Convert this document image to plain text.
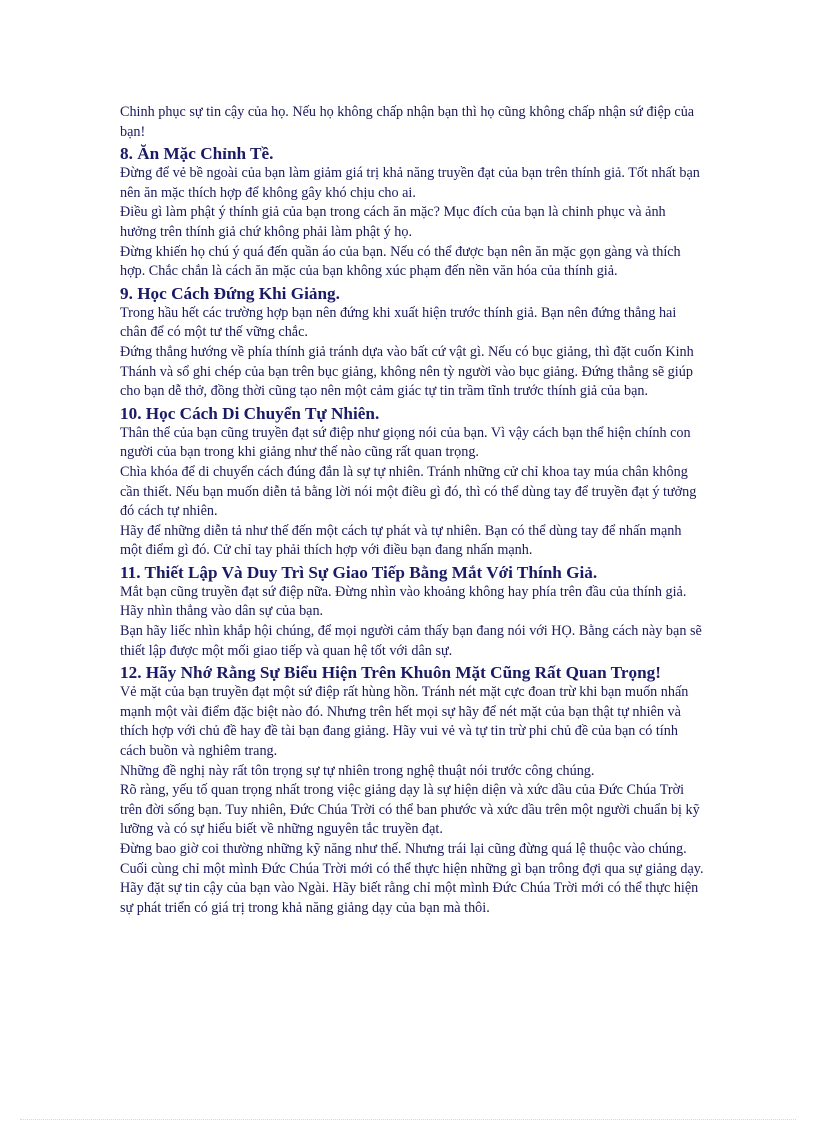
Chinh phục sự tin cậy của họ. Nếu họ không chấp nhận bạn thì họ cũng không chấp nhận sứ điệp của bạn!

8. Ăn Mặc Chỉnh Tề.

Đừng để vẻ bề ngoài của bạn làm giảm giá trị khả năng truyền đạt của bạn trên thính giả. Tốt nhất bạn nên ăn mặc thích hợp để không gây khó chịu cho ai.

Điều gì làm phật ý thính giả của bạn trong cách ăn mặc? Mục đích của bạn là chinh phục và ảnh hưởng trên thính giả chứ không phải làm phật ý họ.

Đừng khiến họ chú ý quá đến quần áo của bạn. Nếu có thể được bạn nên ăn mặc gọn gàng và thích hợp. Chắc chắn là cách ăn mặc của bạn không xúc phạm đến nền văn hóa của thính giả.

9. Học Cách Đứng Khi Giảng.

Trong hầu hết các trường hợp bạn nên đứng khi xuất hiện trước thính giả. Bạn nên đứng thẳng hai chân để có một tư thế vững chắc.

Đứng thẳng hướng về phía thính giả tránh dựa vào bất cứ vật gì. Nếu có bục giảng, thì đặt cuốn Kinh Thánh và sổ ghi chép của bạn trên bục giảng, không nên tỳ người vào bục giảng. Đứng thẳng sẽ giúp cho bạn dễ thở, đồng thời cũng tạo nên một cảm giác tự tin trầm tĩnh trước thính giả của bạn.

10. Học Cách Di Chuyển Tự Nhiên.

Thân thể của bạn cũng truyền đạt sứ điệp như giọng nói của bạn. Vì vậy cách bạn thể hiện chính con người của bạn trong khi giảng như thế nào cũng rất quan trọng.

Chìa khóa để di chuyển cách đúng đắn là sự tự nhiên. Tránh những cử chỉ khoa tay múa chân không cần thiết. Nếu bạn muốn diễn tả bằng lời nói một điều gì đó, thì có thể dùng tay để truyền đạt ý tưởng đó cách tự nhiên.

Hãy để những diễn tả như thế đến một cách tự phát và tự nhiên. Bạn có thể dùng tay để nhấn mạnh một điểm gì đó. Cử chỉ tay phải thích hợp với điều bạn đang nhấn mạnh.

11. Thiết Lập Và Duy Trì Sự Giao Tiếp Bằng Mắt Với Thính Giả.

Mắt bạn cũng truyền đạt sứ điệp nữa. Đừng nhìn vào khoảng không hay phía trên đầu của thính giả. Hãy nhìn thẳng vào dân sự của bạn.

Bạn hãy liếc nhìn khắp hội chúng, để mọi người cảm thấy bạn đang nói với HỌ. Bằng cách này bạn sẽ thiết lập được một mối giao tiếp và quan hệ tốt với dân sự.

12. Hãy Nhớ Rằng Sự Biểu Hiện Trên Khuôn Mặt Cũng Rất Quan Trọng!

Vẻ mặt của bạn truyền đạt một sứ điệp rất hùng hồn. Tránh nét mặt cực đoan trừ khi bạn muốn nhấn mạnh một vài điểm đặc biệt nào đó. Nhưng trên hết mọi sự hãy để nét mặt của bạn thật tự nhiên và thích hợp với chủ đề hay đề tài bạn đang giảng. Hãy vui vẻ và tự tin trừ phi chủ đề của bạn có tính cách buồn và nghiêm trang.

Những đề nghị này rất tôn trọng sự tự nhiên trong nghệ thuật nói trước công chúng.

Rõ ràng, yếu tố quan trọng nhất trong việc giảng dạy là sự hiện diện và xức dầu của Đức Chúa Trời trên đời sống bạn. Tuy nhiên, Đức Chúa Trời có thể ban phước và xức dầu trên một người chuẩn bị kỹ lưỡng và có sự hiểu biết về những nguyên tắc truyền đạt.

Đừng bao giờ coi thường những kỹ năng như thế. Nhưng trái lại cũng đừng quá lệ thuộc vào chúng.

Cuối cùng chỉ một mình Đức Chúa Trời mới có thể thực hiện những gì bạn trông đợi qua sự giảng dạy.

Hãy đặt sự tin cậy của bạn vào Ngài. Hãy biết rằng chỉ một mình Đức Chúa Trời mới có thể thực hiện sự phát triển có giá trị trong khả năng giảng dạy của bạn mà thôi.
